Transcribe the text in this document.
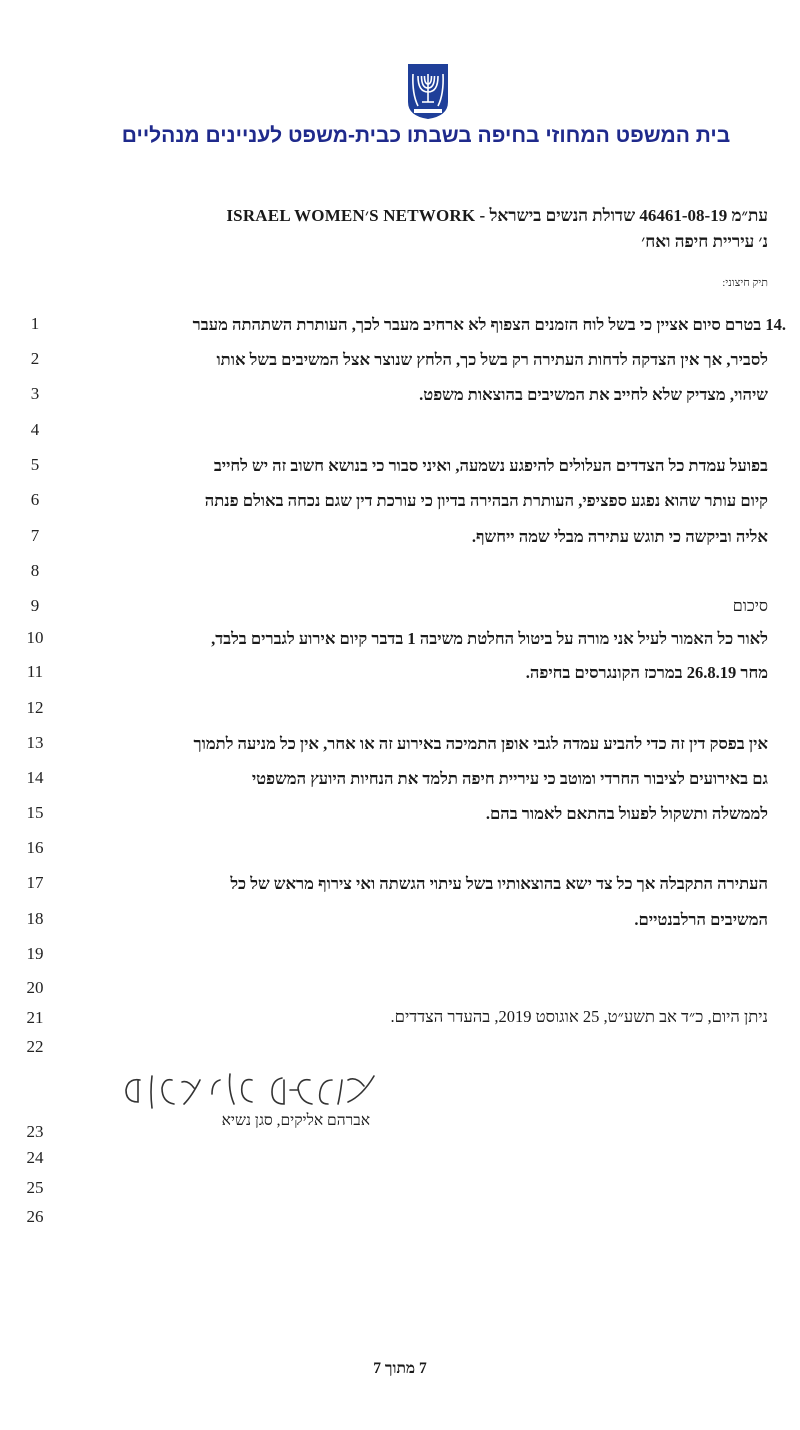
בית המשפט המחוזי בחיפה בשבתו כבית-משפט לעניינים מנהליים
עת״מ 46461-08-19 שדולת הנשים בישראל - ISRAEL WOMEN׳S NETWORK
נ׳ עיריית חיפה ואח׳
תיק חיצוני:
1
2
3
4
5
6
7
8
9
10
11
12
13
14
15
16
17
18
19
20
21
22
23
24
25
26
14. בטרם סיום אציין כי בשל לוח הזמנים הצפוף לא ארחיב מעבר לכך, העותרת השתהתה מעבר
לסביר, אך אין הצדקה לדחות העתירה רק בשל כך, הלחץ שנוצר אצל המשיבים בשל אותו
שיהוי, מצדיק שלא לחייב את המשיבים בהוצאות משפט.
בפועל עמדת כל הצדדים העלולים להיפגע נשמעה, ואיני סבור כי בנושא חשוב זה יש לחייב
קיום עותר שהוא נפגע ספציפי, העותרת הבהירה בדיון כי עורכת דין שגם נכחה באולם פנתה
אליה וביקשה כי תוגש עתירה מבלי שמה ייחשף.
סיכום
לאור כל האמור לעיל אני מורה על ביטול החלטת משיבה 1 בדבר קיום אירוע לגברים בלבד,
מחר 26.8.19 במרכז הקונגרסים בחיפה.
אין בפסק דין זה כדי להביע עמדה לגבי אופן התמיכה באירוע זה או אחר, אין כל מניעה לתמוך
גם באירועים לציבור החרדי ומוטב כי עיריית חיפה תלמד את הנחיות היועץ המשפטי
לממשלה ותשקול לפעול בהתאם לאמור בהם.
העתירה התקבלה אך כל צד ישא בהוצאותיו בשל עיתוי הגשתה ואי צירוף מראש של כל
המשיבים הרלבנטיים.
ניתן היום, כ״ד אב תשע״ט, 25 אוגוסט 2019, בהעדר הצדדים.
אברהם אליקים, סגן נשיא
7 מתוך 7
